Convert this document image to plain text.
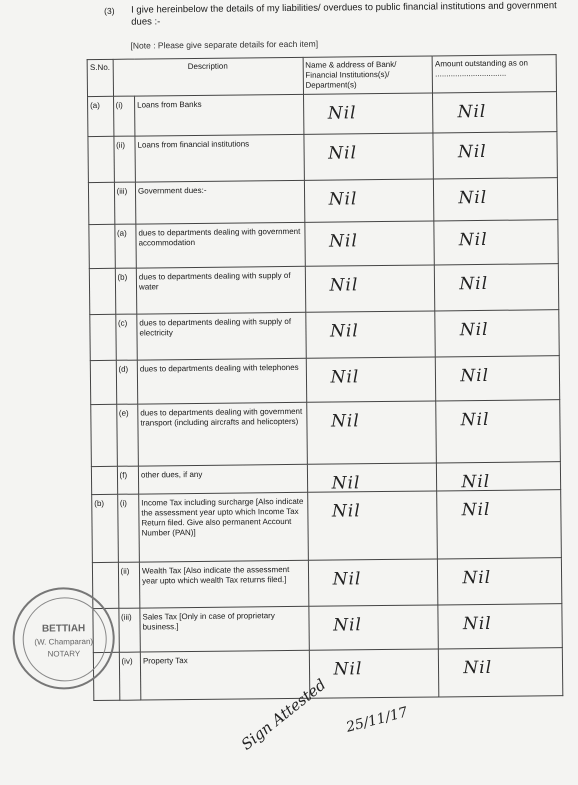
(3) I give hereinbelow the details of my liabilities/ overdues to public financial institutions and government dues :-
[Note : Please give separate details for each item]
S.No.	Description		Name & address of Bank/ Financial Institutions(s)/ Department(s)	Amount outstanding as on ................................
(a)	(i)	Loans from Banks	Nil	Nil

	(ii)	Loans from financial institutions	Nil	Nil

	(iii)	Government dues:-	Nil	Nil

	(a)	dues to departments dealing with government accommodation	Nil	Nil

	(b)	dues to departments dealing with supply of water	Nil	Nil

	(c)	dues to departments dealing with supply of electricity	Nil	Nil

	(d)	dues to departments dealing with telephones	Nil	Nil

	(e)	dues to departments dealing with government transport (including aircrafts and helicopters)	Nil	Nil

	(f)	other dues, if any	Nil	Nil

(b)	(i)	Income Tax including surcharge [Also indicate the assessment year upto which Income Tax Return filed. Give also permanent Account Number (PAN)]	Nil	Nil

	(ii)	Wealth Tax [Also indicate the assessment year upto which wealth Tax returns filed.]	Nil	Nil

	(iii)	Sales Tax [Only in case of proprietary business.]	Nil	Nil

	(iv)	Property Tax	Nil	Nil
BETTIAH
(W. Champaran)
NOTARY
Sign Attested 25/11/17
